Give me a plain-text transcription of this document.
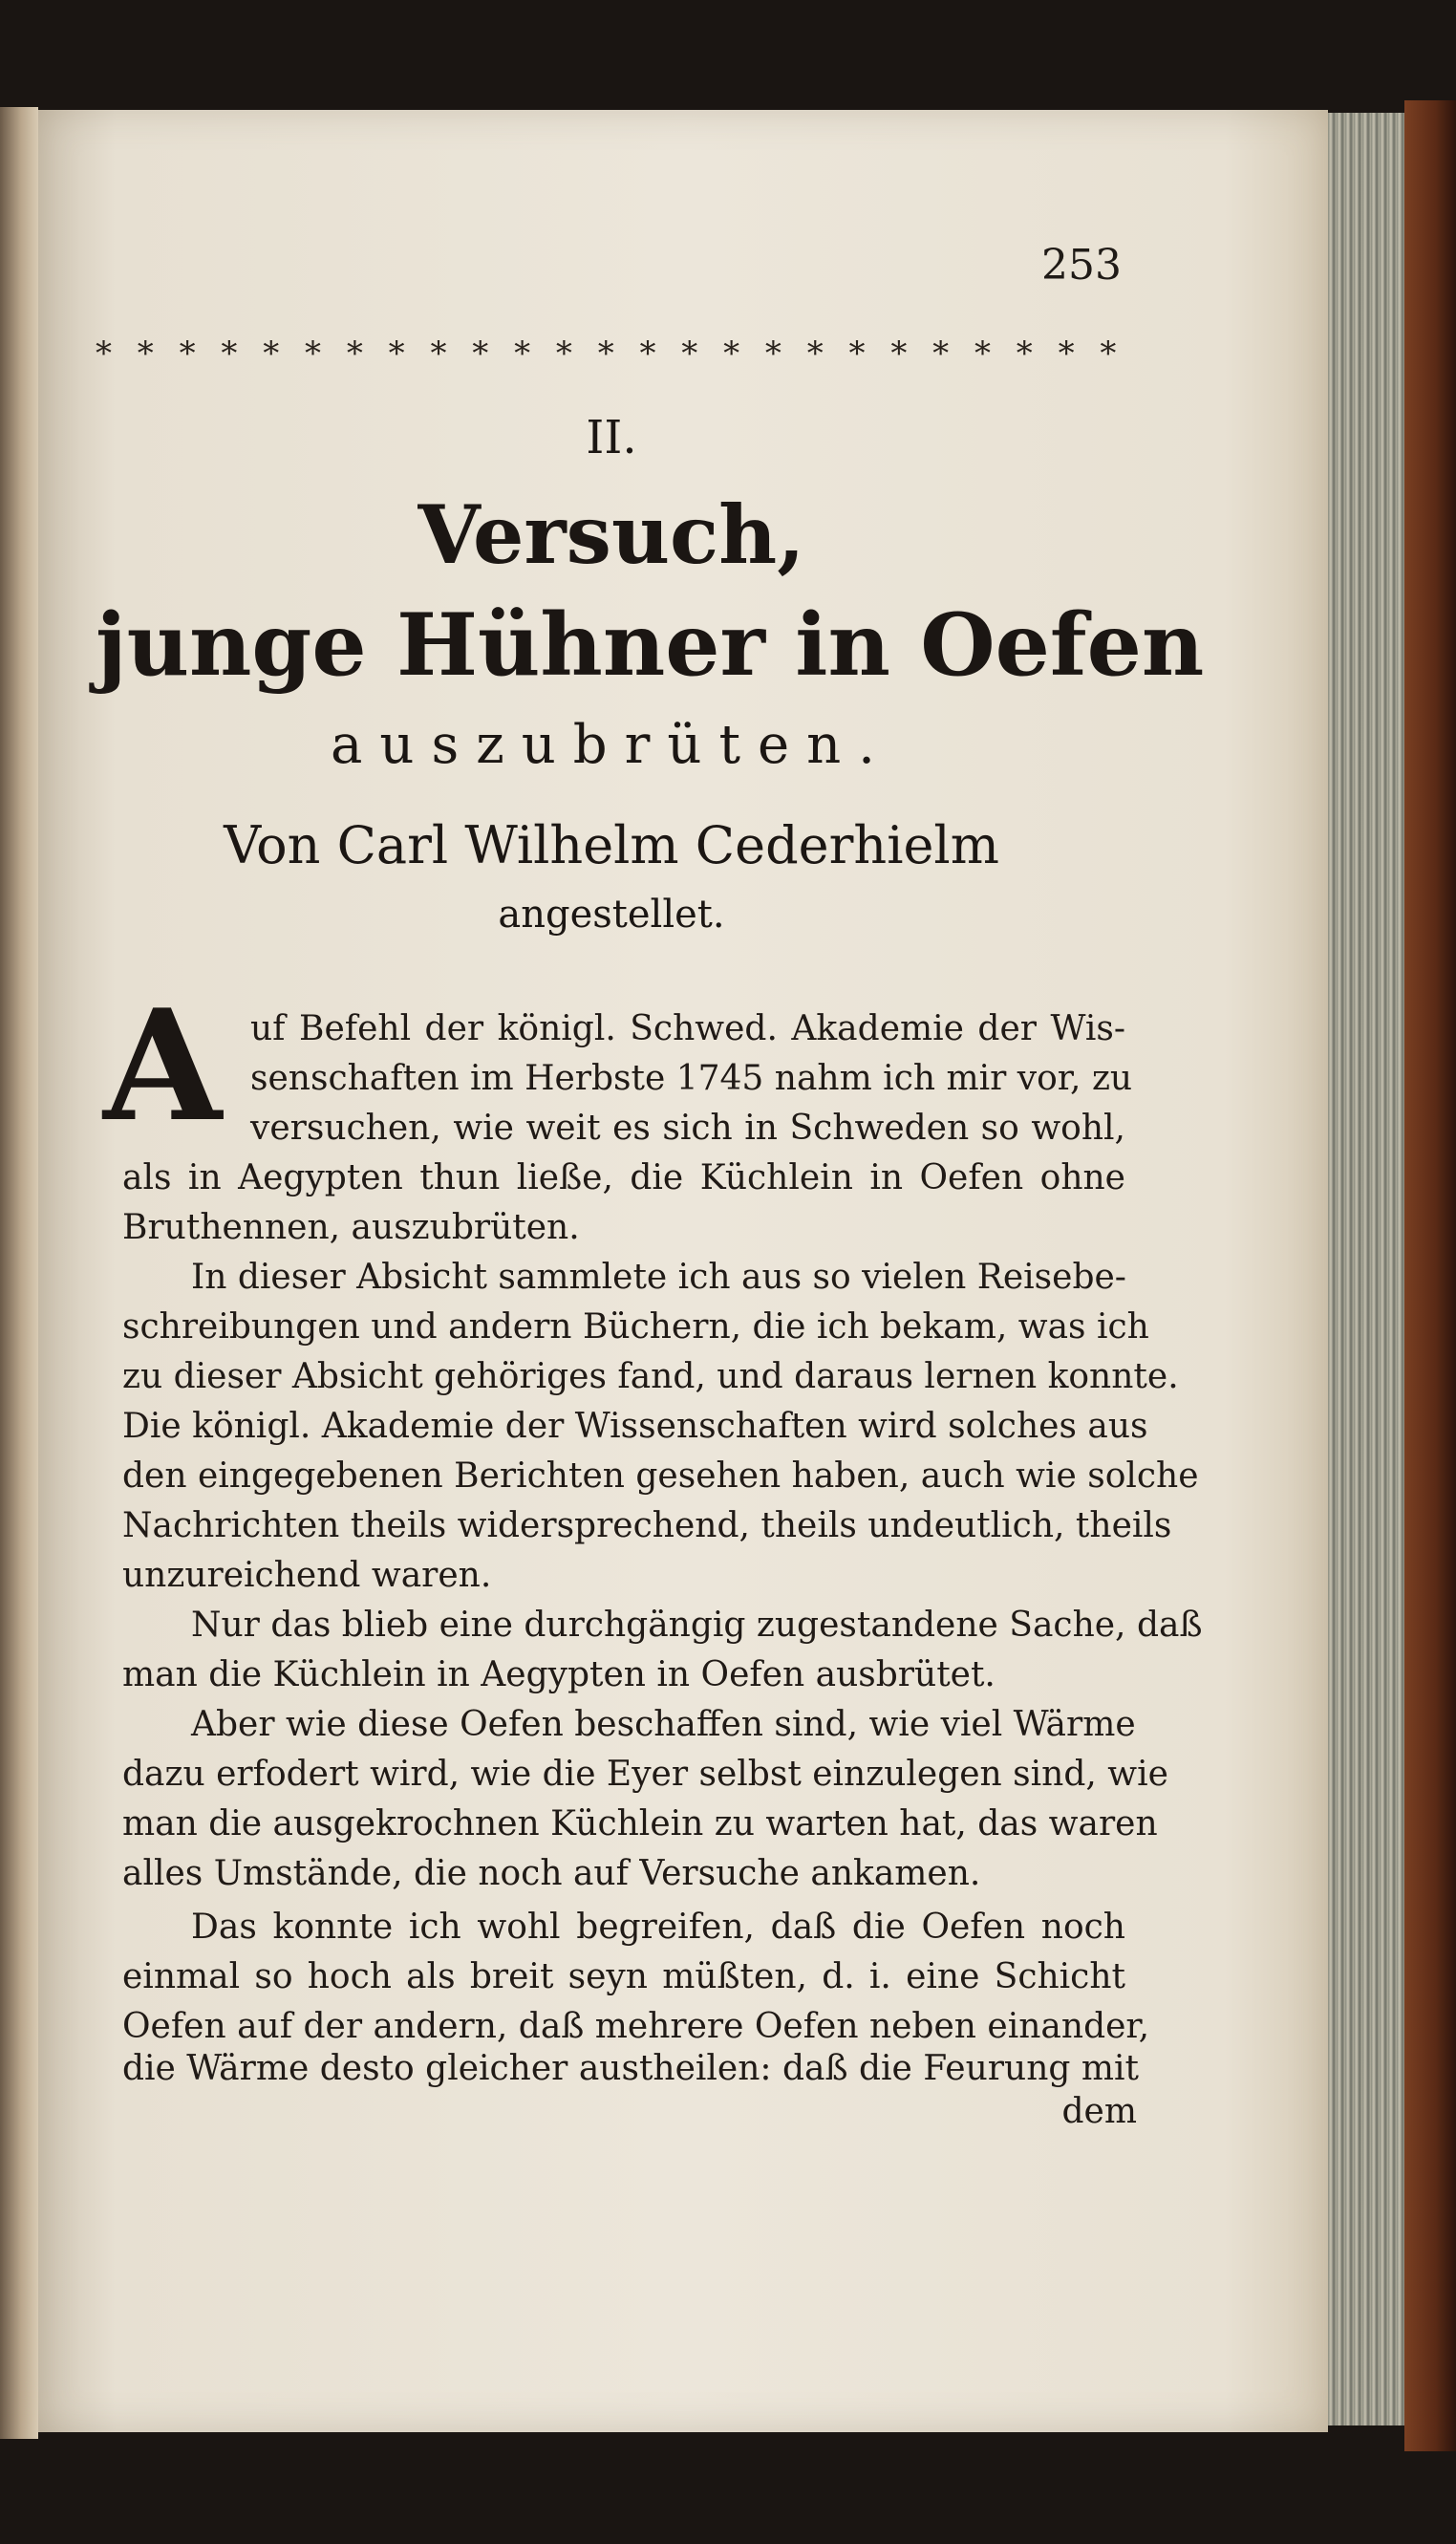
253
* * * * * * * * * * * * * * * * * * * * * * * * *
II.
Versuch,
junge Hühner in Oefen
auszubrüten.
Von Carl Wilhelm Cederhielm
angestellet.
A uf Befehl der königl. Schwed. Akademie der Wis-
senschaften im Herbste 1745 nahm ich mir vor, zu
versuchen, wie weit es sich in Schweden so wohl,
als in Aegypten thun ließe, die Küchlein in Oefen ohne
Bruthennen, auszubrüten.
In dieser Absicht sammlete ich aus so vielen Reisebe-
schreibungen und andern Büchern, die ich bekam, was ich
zu dieser Absicht gehöriges fand, und daraus lernen konnte.
Die königl. Akademie der Wissenschaften wird solches aus
den eingegebenen Berichten gesehen haben, auch wie solche
Nachrichten theils widersprechend, theils undeutlich, theils
unzureichend waren.
Nur das blieb eine durchgängig zugestandene Sache, daß
man die Küchlein in Aegypten in Oefen ausbrütet.
Aber wie diese Oefen beschaffen sind, wie viel Wärme
dazu erfodert wird, wie die Eyer selbst einzulegen sind, wie
man die ausgekrochnen Küchlein zu warten hat, das waren
alles Umstände, die noch auf Versuche ankamen.
Das konnte ich wohl begreifen, daß die Oefen noch
einmal so hoch als breit seyn müßten, d. i. eine Schicht
Oefen auf der andern, daß mehrere Oefen neben einander,
die Wärme desto gleicher austheilen: daß die Feurung mit
dem
